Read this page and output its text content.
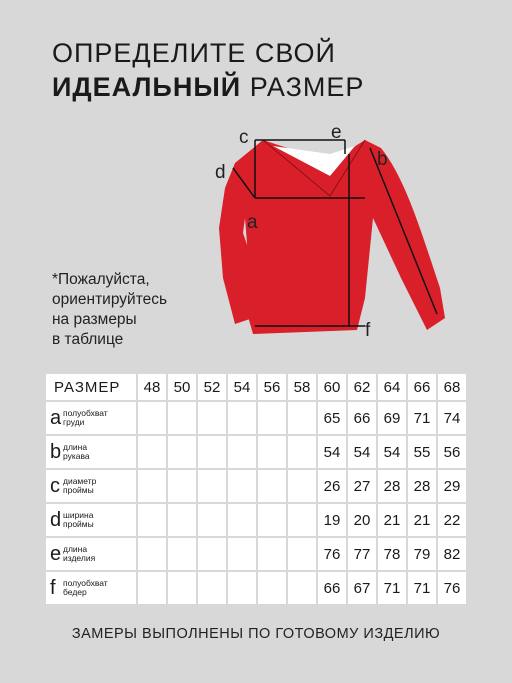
ОПРЕДЕЛИТЕ СВОЙ
ИДЕАЛЬНЫЙ РАЗМЕР
c	e
b
d
a
f
*Пожалуйста,
ориентируйтесь
на размеры
в таблице
РАЗМЕР	48	50	52	54	56	58	60	62	64	66	68
a полуобхват
груди							65	66	69	71	74
b длина
рукава							54	54	54	55	56
c диаметр
проймы							26	27	28	28	29
d ширина
проймы							19	20	21	21	22
e длина
изделия							76	77	78	79	82
f полуобхват
бедер							66	67	71	71	76
ЗАМЕРЫ ВЫПОЛНЕНЫ ПО ГОТОВОМУ ИЗДЕЛИЮ
